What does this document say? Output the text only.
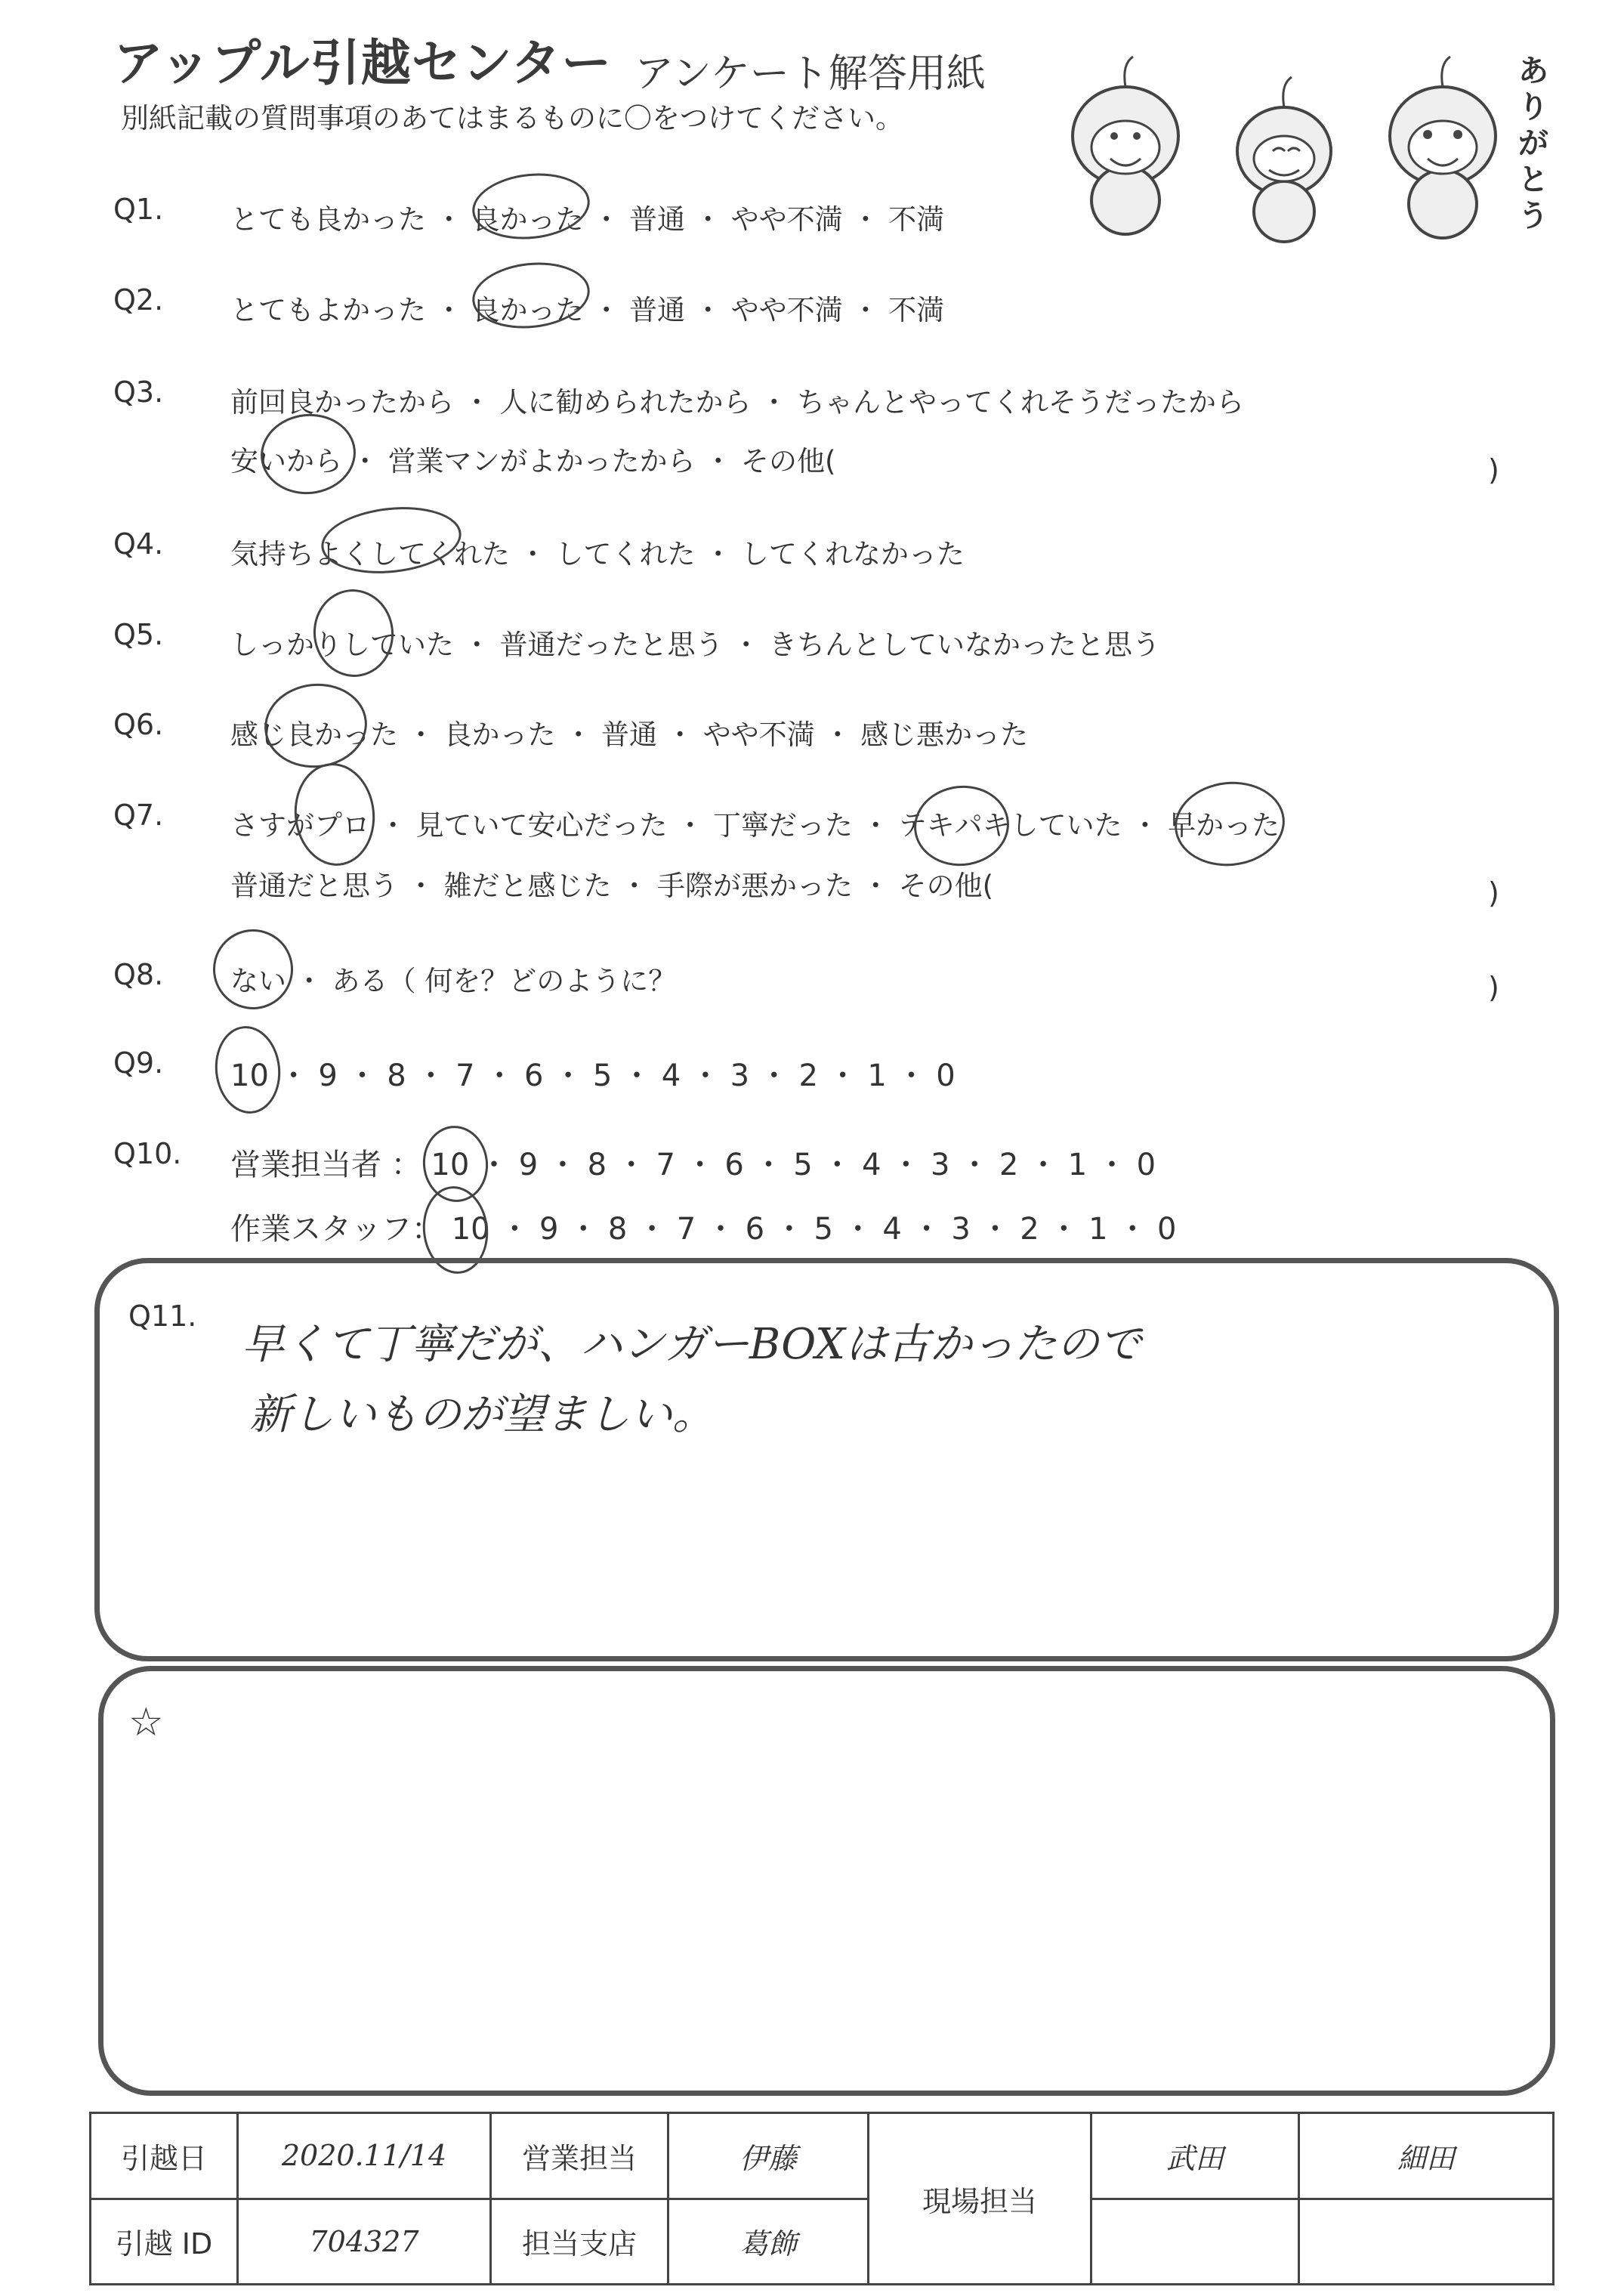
アップル引越センター アンケート解答用紙
別紙記載の質問事項のあてはまるものに〇をつけてください。
ありがとう
Q1. とても良かった ・ 良かった ・ 普通 ・ やや不満 ・ 不満
Q2. とてもよかった ・ 良かった ・ 普通 ・ やや不満 ・ 不満
Q3. 前回良かったから ・ 人に勧められたから ・ ちゃんとやってくれそうだったから
安いから ・ 営業マンがよかったから ・ その他(	)
Q4. 気持ちよくしてくれた ・ してくれた ・ してくれなかった
Q5. しっかりしていた ・ 普通だったと思う ・ きちんとしていなかったと思う
Q6. 感じ良かった ・ 良かった ・ 普通 ・ やや不満 ・ 感じ悪かった
Q7. さすがプロ ・ 見ていて安心だった ・ 丁寧だった ・ テキパキしていた ・ 早かった
普通だと思う ・ 雑だと感じた ・ 手際が悪かった ・ その他(	)
Q8. ない ・ ある（ 何を？どのように？	)
Q9. 10 ・ 9 ・ 8 ・ 7 ・ 6 ・ 5 ・ 4 ・ 3 ・ 2 ・ 1 ・ 0
Q10. 営業担当者 ： 10 ・ 9 ・ 8 ・ 7 ・ 6 ・ 5 ・ 4 ・ 3 ・ 2 ・ 1 ・ 0
作業スタッフ： 10 ・ 9 ・ 8 ・ 7 ・ 6 ・ 5 ・ 4 ・ 3 ・ 2 ・ 1 ・ 0
Q11.
早くて丁寧だが、ハンガーBOXは古かったので
新しいものが望ましい。
☆
引越日	2020.11/14	営業担当	伊藤	現場担当	武田	細田
引越 ID	704327	担当支店	葛飾			
